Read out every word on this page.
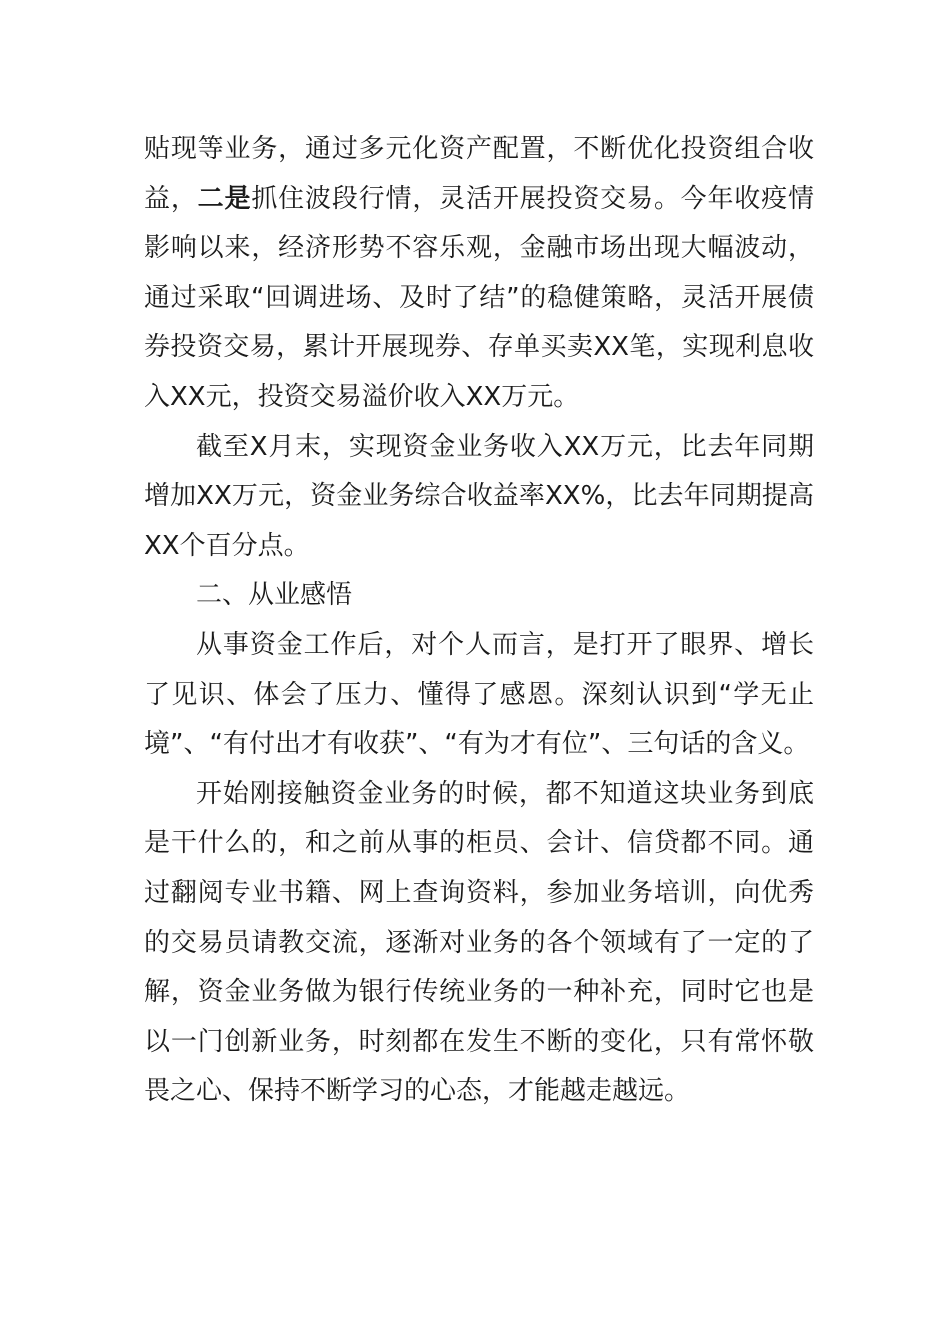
贴现等业务，通过多元化资产配置，不断优化投资组合收益，二是抓住波段行情，灵活开展投资交易。今年收疫情影响以来，经济形势不容乐观，金融市场出现大幅波动，通过采取“回调进场、及时了结”的稳健策略，灵活开展债券投资交易，累计开展现券、存单买卖XX笔，实现利息收入XX元，投资交易溢价收入XX万元。

截至X月末，实现资金业务收入XX万元，比去年同期增加XX万元，资金业务综合收益率XX%，比去年同期提高XX个百分点。

二、从业感悟

从事资金工作后，对个人而言，是打开了眼界、增长了见识、体会了压力、懂得了感恩。深刻认识到“学无止境”、“有付出才有收获”、“有为才有位”、三句话的含义。

开始刚接触资金业务的时候，都不知道这块业务到底是干什么的，和之前从事的柜员、会计、信贷都不同。通过翻阅专业书籍、网上查询资料，参加业务培训，向优秀的交易员请教交流，逐渐对业务的各个领域有了一定的了解，资金业务做为银行传统业务的一种补充，同时它也是以一门创新业务，时刻都在发生不断的变化，只有常怀敬畏之心、保持不断学习的心态，才能越走越远。
